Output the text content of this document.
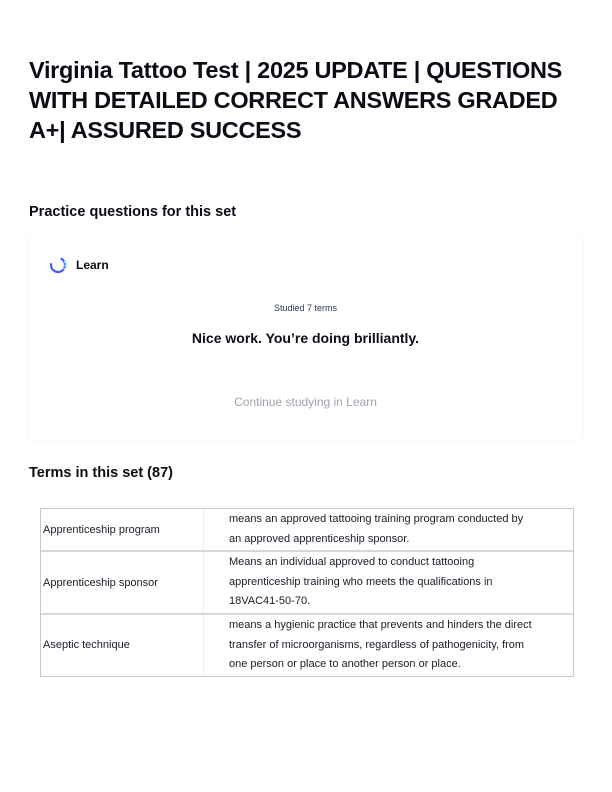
Virginia Tattoo Test | 2025 UPDATE | QUESTIONS WITH DETAILED CORRECT ANSWERS GRADED A+| ASSURED SUCCESS
Practice questions for this set
Learn
Studied 7 terms
Nice work. You’re doing brilliantly.
Continue studying in Learn
Terms in this set (87)
Apprenticeship program
means an approved tattooing training program conducted by an approved apprenticeship sponsor.
Apprenticeship sponsor
Means an individual approved to conduct tattooing apprenticeship training who meets the qualifications in 18VAC41-50-70.
Aseptic technique
means a hygienic practice that prevents and hinders the direct transfer of microorganisms, regardless of pathogenicity, from one person or place to another person or place.
